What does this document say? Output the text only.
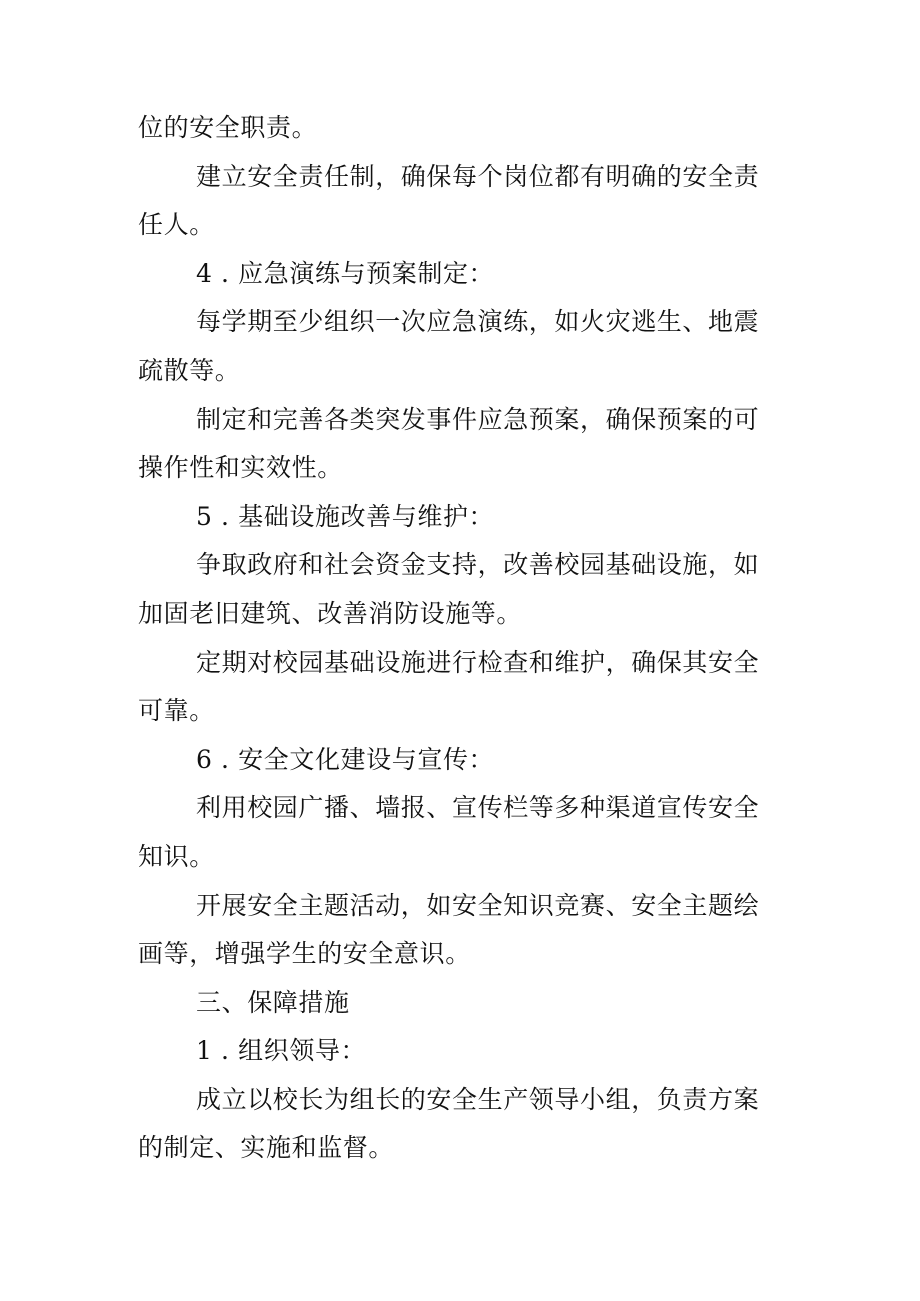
位的安全职责。
建立安全责任制，确保每个岗位都有明确的安全责
任人。
4 . 应急演练与预案制定：
每学期至少组织一次应急演练，如火灾逃生、地震
疏散等。
制定和完善各类突发事件应急预案，确保预案的可
操作性和实效性。
5 . 基础设施改善与维护：
争取政府和社会资金支持，改善校园基础设施，如
加固老旧建筑、改善消防设施等。
定期对校园基础设施进行检查和维护，确保其安全
可靠。
6 . 安全文化建设与宣传：
利用校园广播、墙报、宣传栏等多种渠道宣传安全
知识。
开展安全主题活动，如安全知识竞赛、安全主题绘
画等，增强学生的安全意识。
三、保障措施
1 . 组织领导：
成立以校长为组长的安全生产领导小组，负责方案
的制定、实施和监督。
